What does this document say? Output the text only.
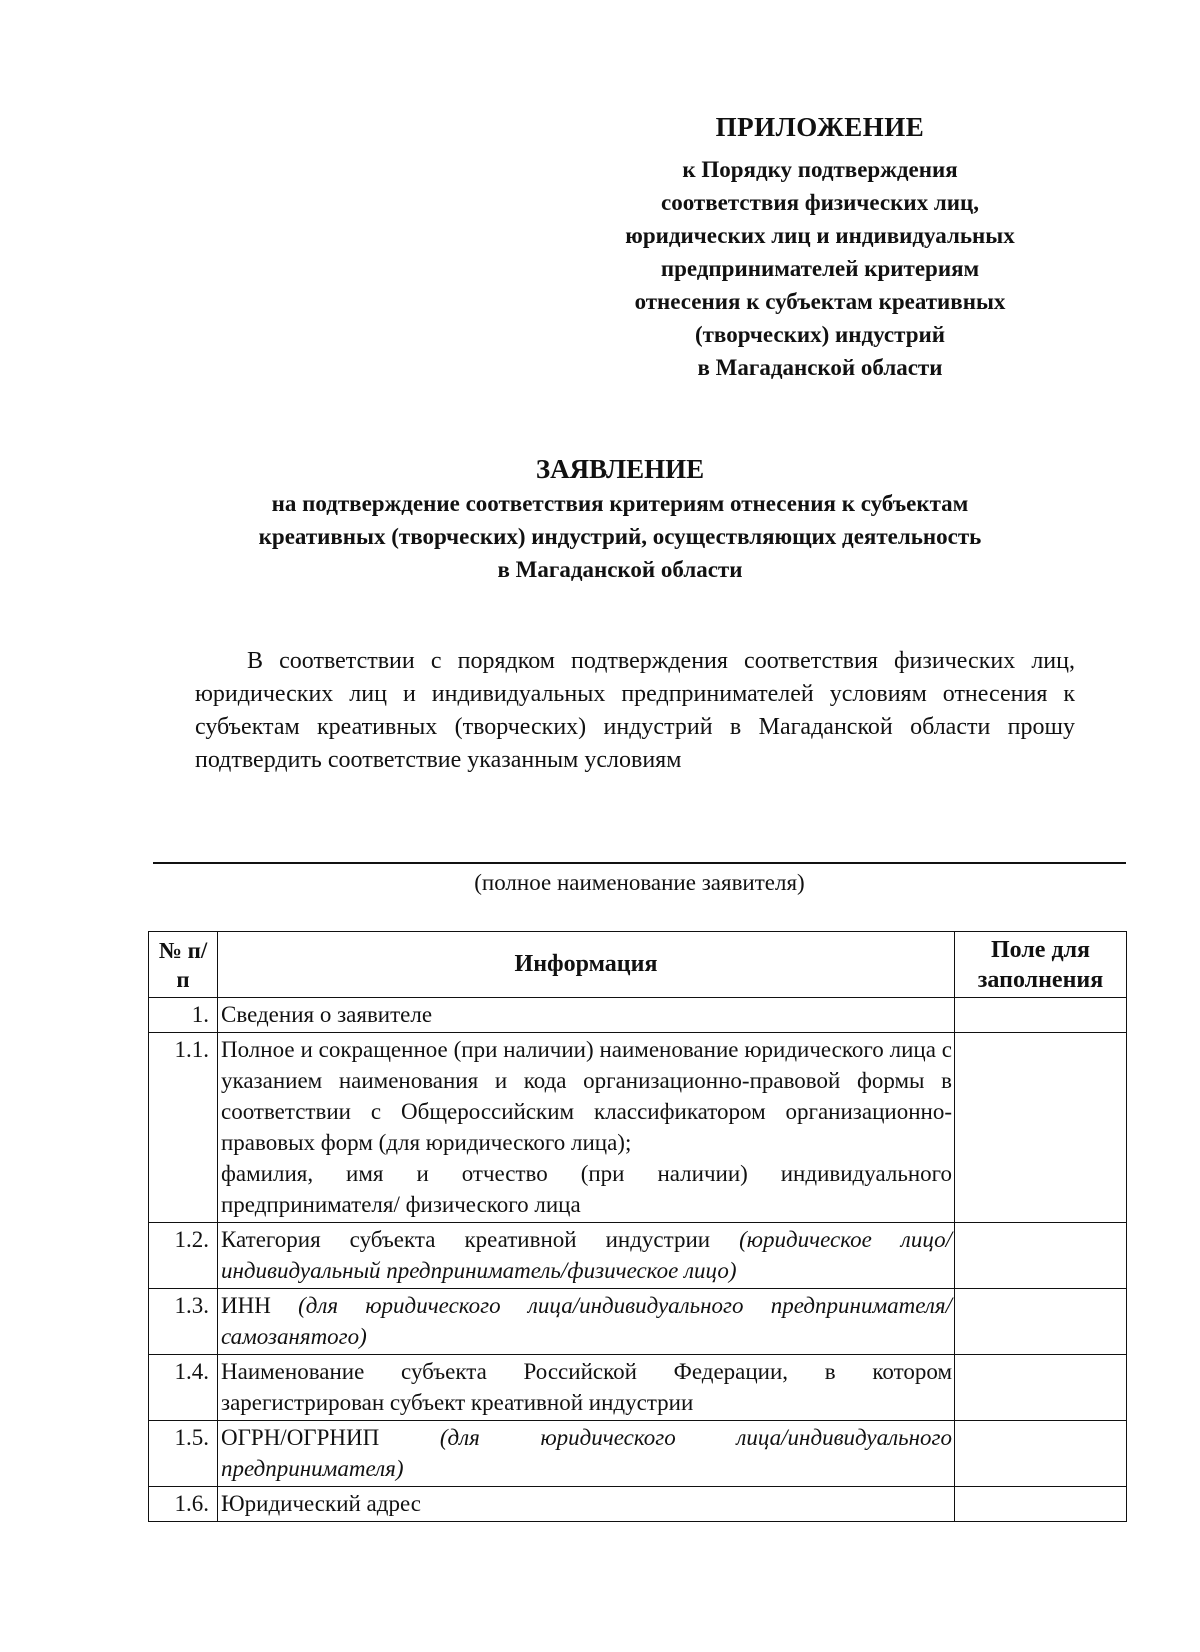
ПРИЛОЖЕНИЕ
к Порядку подтверждения
соответствия физических лиц,
юридических лиц и индивидуальных
предпринимателей критериям
отнесения к субъектам креативных
(творческих) индустрий
в Магаданской области
ЗАЯВЛЕНИЕ
на подтверждение соответствия критериям отнесения к субъектам
креативных (творческих) индустрий, осуществляющих деятельность
в Магаданской области

В соответствии с порядком подтверждения соответствия физических лиц, юридических лиц и индивидуальных предпринимателей условиям отнесения к субъектам креативных (творческих) индустрий в Магаданской области прошу подтвердить соответствие указанным условиям

(полное наименование заявителя)
№ п/п	Информация	Поле для заполнения
1.	Сведения о заявителе	
1.1.	Полное и сокращенное (при наличии) наименование юридического лица с указанием наименования и кода организационно-правовой формы в соответствии с Общероссийским классификатором организационно-правовых форм (для юридического лица);
фамилия, имя и отчество (при наличии) индивидуального предпринимателя/ физического лица	

1.2.	Категория субъекта креативной индустрии (юридическое лицо/ индивидуальный предприниматель/физическое лицо)	
1.3.	ИНН (для юридического лица/индивидуального предпринимателя/ самозанятого)	
1.4.	Наименование субъекта Российской Федерации, в котором зарегистрирован субъект креативной индустрии	
1.5.	ОГРН/ОГРНИП (для юридического лица/индивидуального предпринимателя)	
1.6.	Юридический адрес	
